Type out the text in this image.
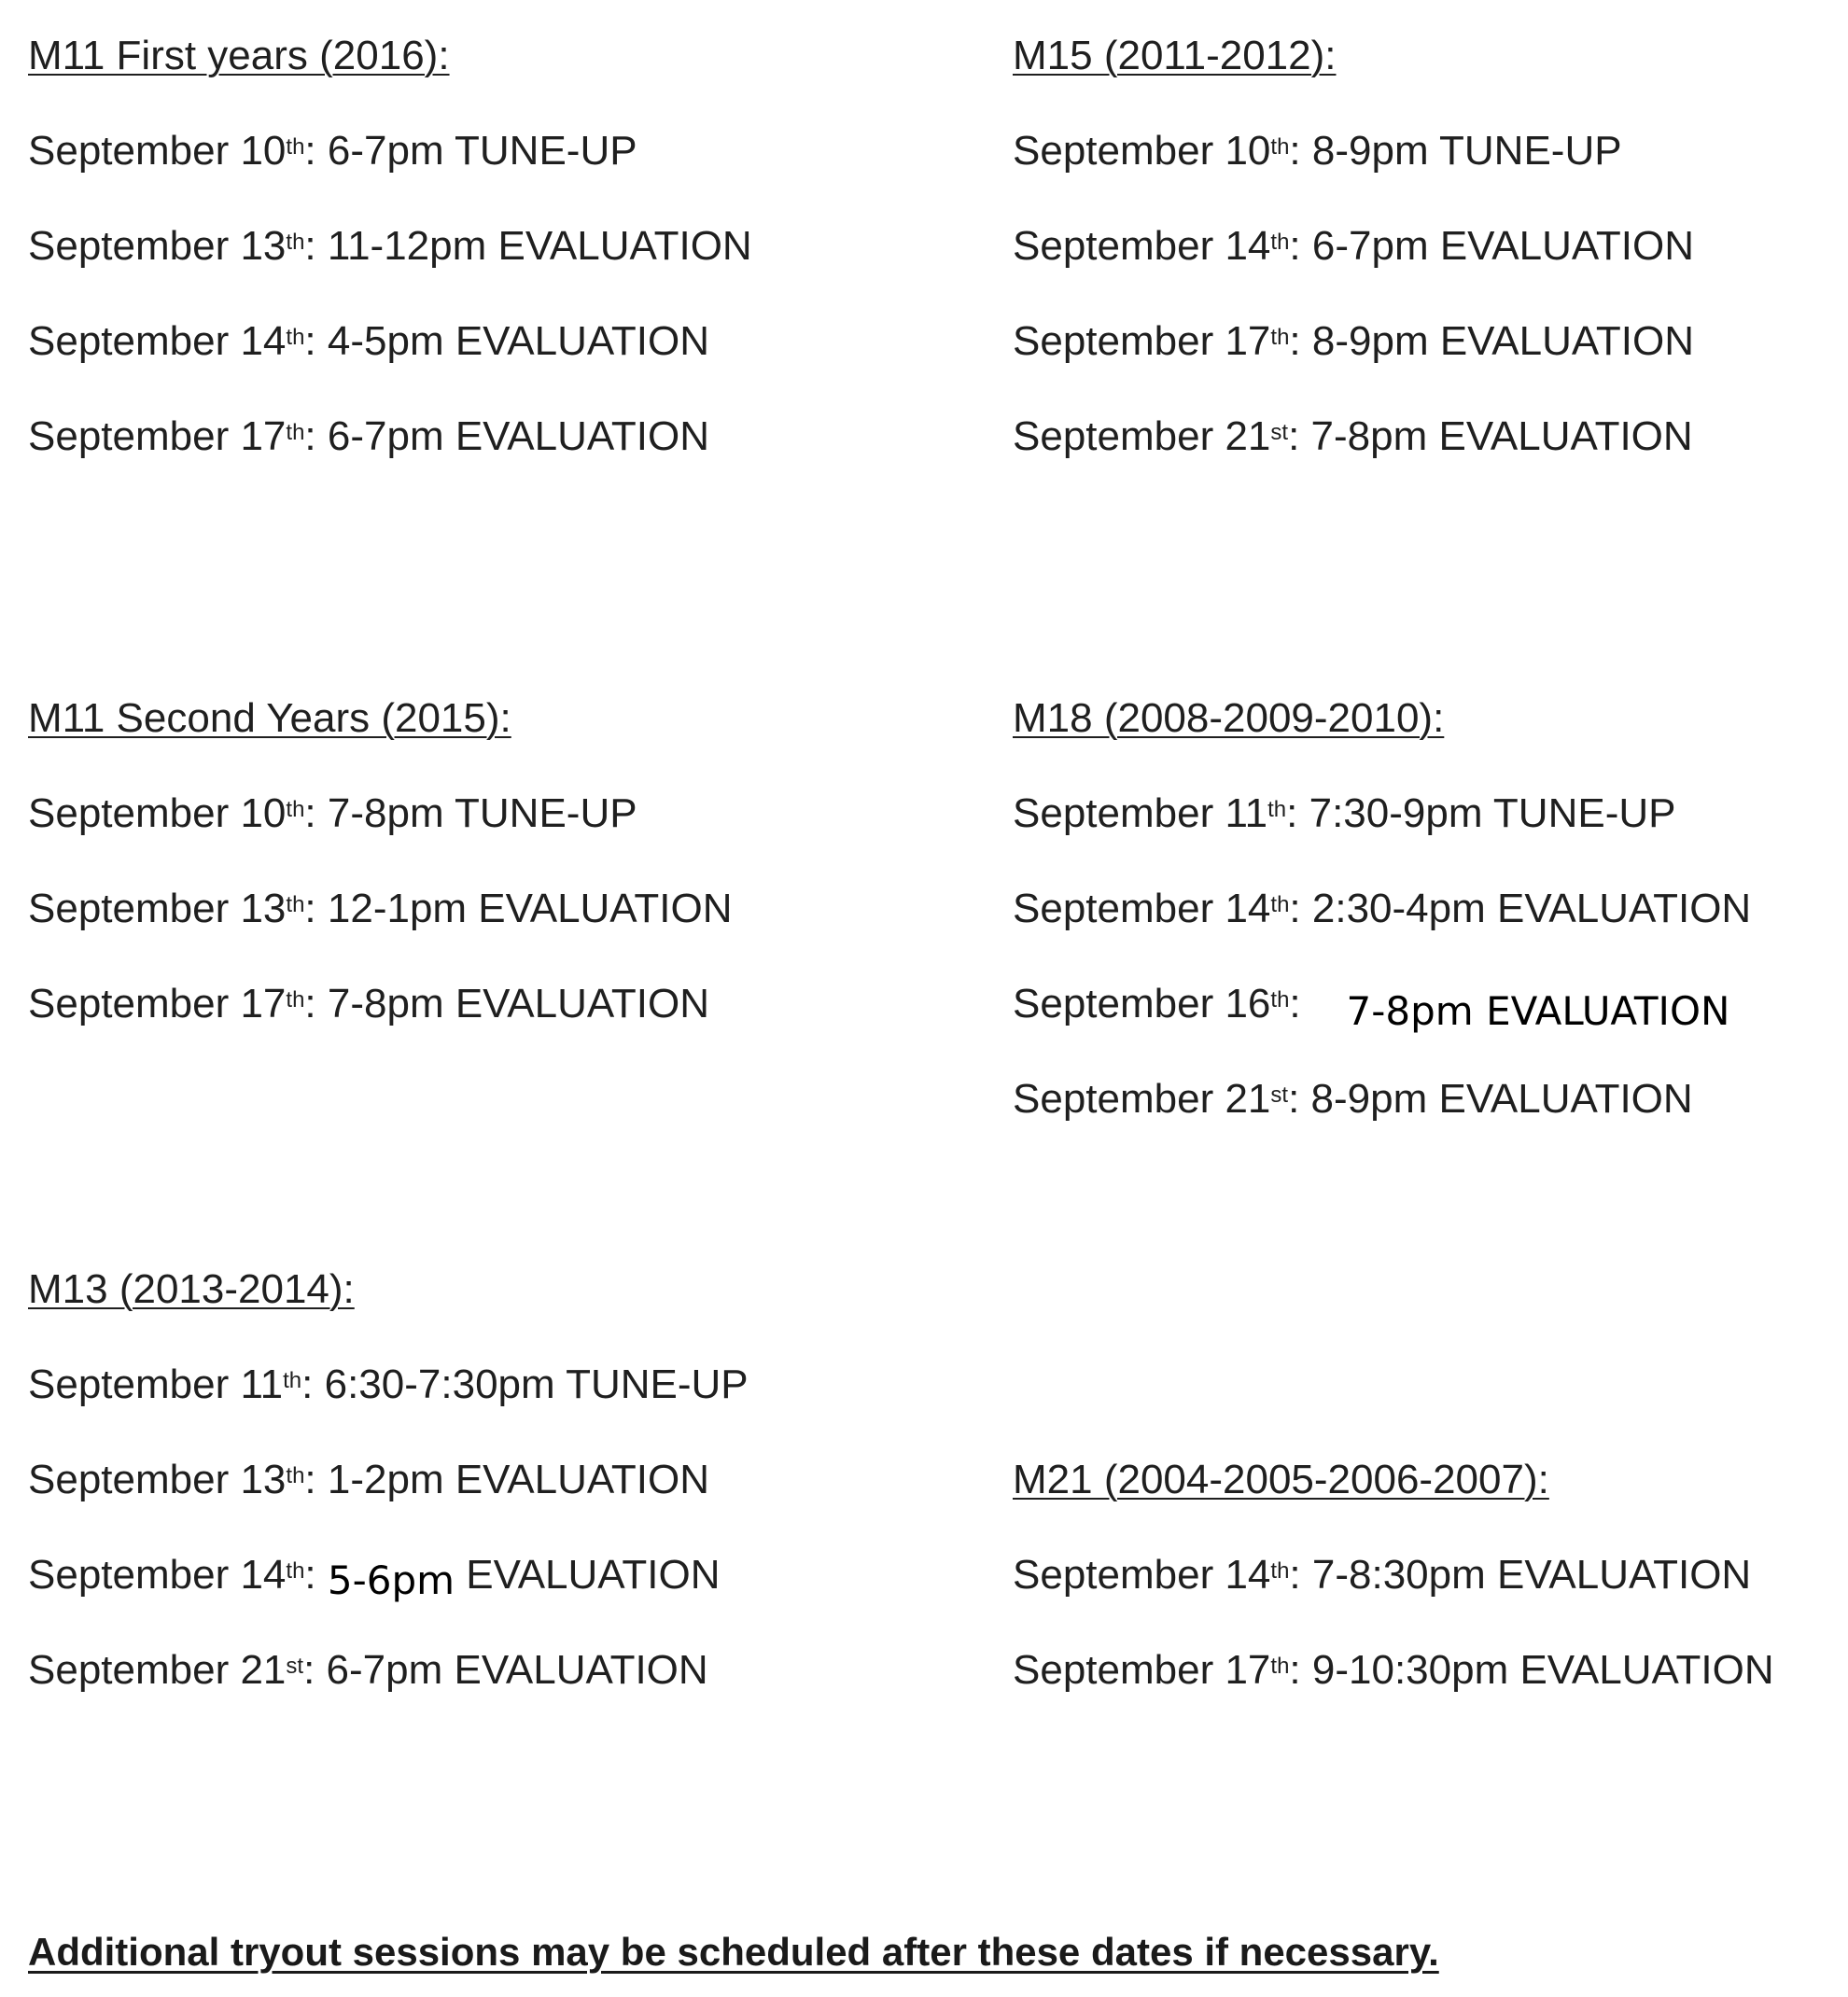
M11 First years (2016):
September 10th: 6-7pm TUNE-UP
September 13th: 11-12pm EVALUATION
September 14th: 4-5pm EVALUATION
September 17th: 6-7pm EVALUATION
M15 (2011-2012):
September 10th: 8-9pm TUNE-UP
September 14th: 6-7pm EVALUATION
September 17th: 8-9pm EVALUATION
September 21st: 7-8pm EVALUATION
M11 Second Years (2015):
September 10th: 7-8pm TUNE-UP
September 13th: 12-1pm EVALUATION
September 17th: 7-8pm EVALUATION
M18 (2008-2009-2010):
September 11th: 7:30-9pm TUNE-UP
September 14th: 2:30-4pm EVALUATION
September 16th:    7-8pm EVALUATION
September 21st: 8-9pm EVALUATION
M13 (2013-2014):
September 11th: 6:30-7:30pm TUNE-UP
September 13th: 1-2pm EVALUATION
September 14th: 5-6pm EVALUATION
September 21st: 6-7pm EVALUATION
M21 (2004-2005-2006-2007):
September 14th: 7-8:30pm EVALUATION
September 17th: 9-10:30pm EVALUATION
Additional tryout sessions may be scheduled after these dates if necessary.
